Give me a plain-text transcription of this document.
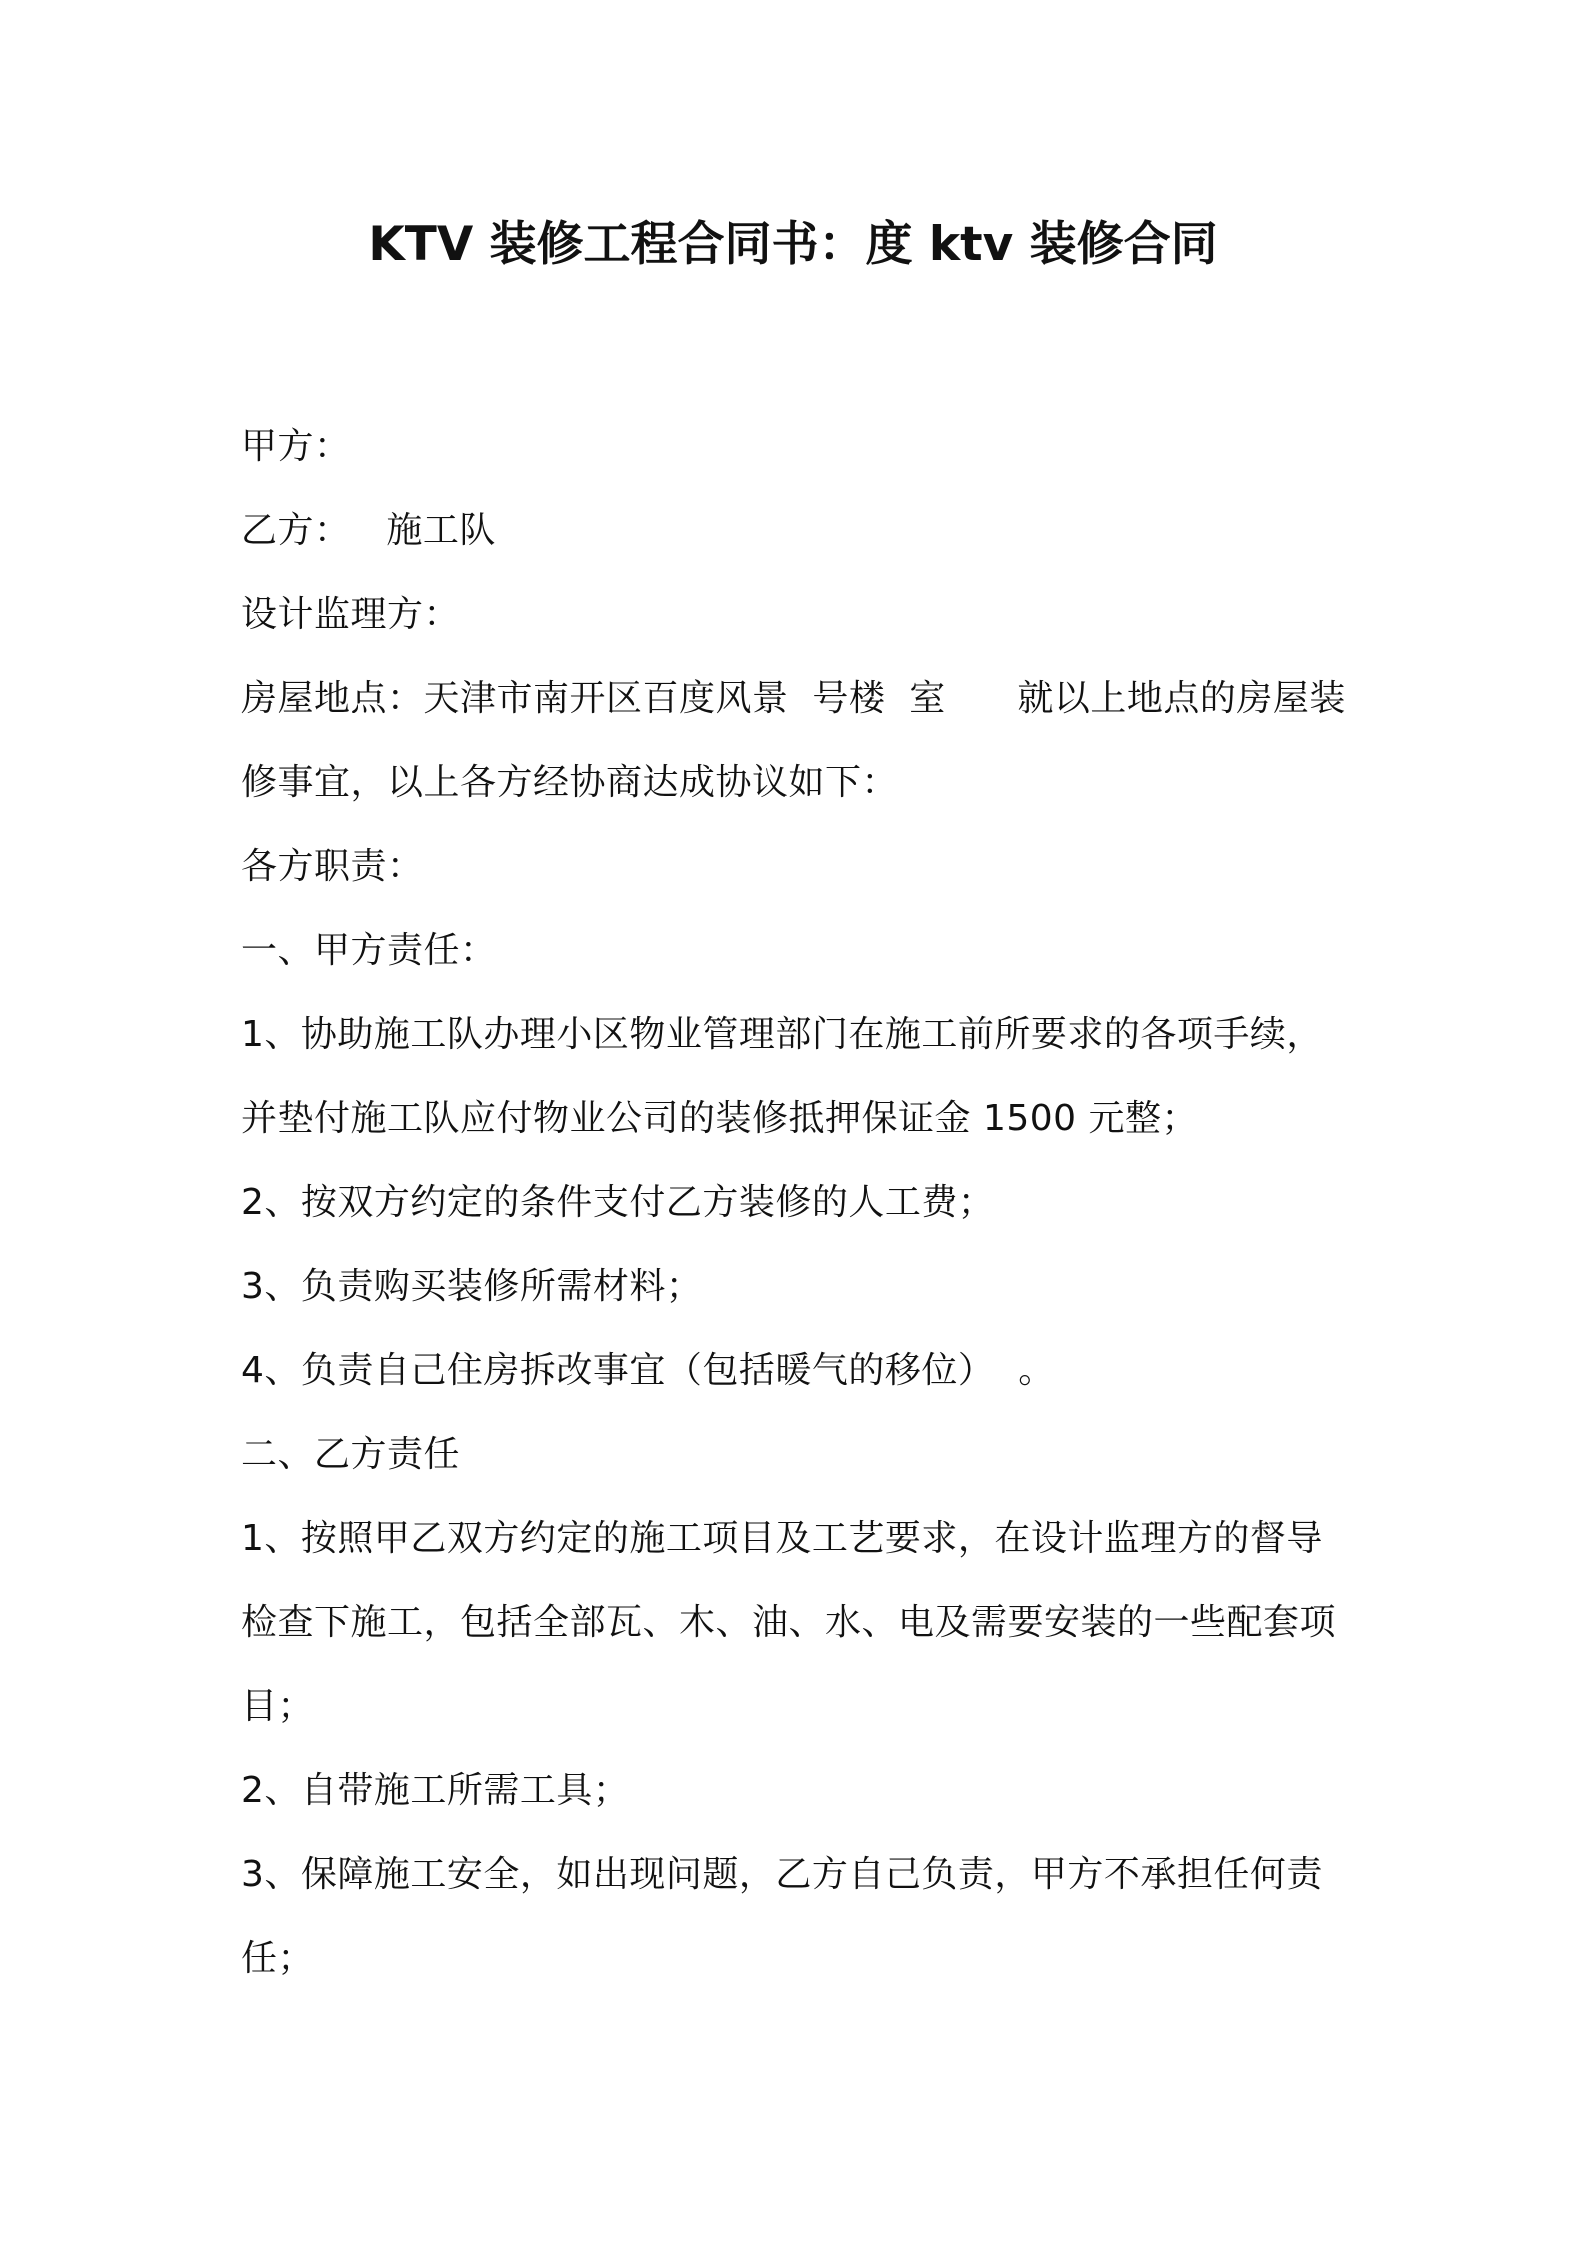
KTV 装修工程合同书：度 ktv 装修合同
甲方：
乙方：   施工队
设计监理方：
房屋地点：天津市南开区百度风景  号楼  室      就以上地点的房屋装
修事宜，以上各方经协商达成协议如下：
各方职责：
一、甲方责任：
1、协助施工队办理小区物业管理部门在施工前所要求的各项手续，
并垫付施工队应付物业公司的装修抵押保证金 1500 元整；
2、按双方约定的条件支付乙方装修的人工费；
3、负责购买装修所需材料；
4、负责自己住房拆改事宜（包括暖气的移位）  。
二、乙方责任
1、按照甲乙双方约定的施工项目及工艺要求，在设计监理方的督导
检查下施工，包括全部瓦、木、油、水、电及需要安装的一些配套项
目；
2、自带施工所需工具；
3、保障施工安全，如出现问题，乙方自己负责，甲方不承担任何责
任；
